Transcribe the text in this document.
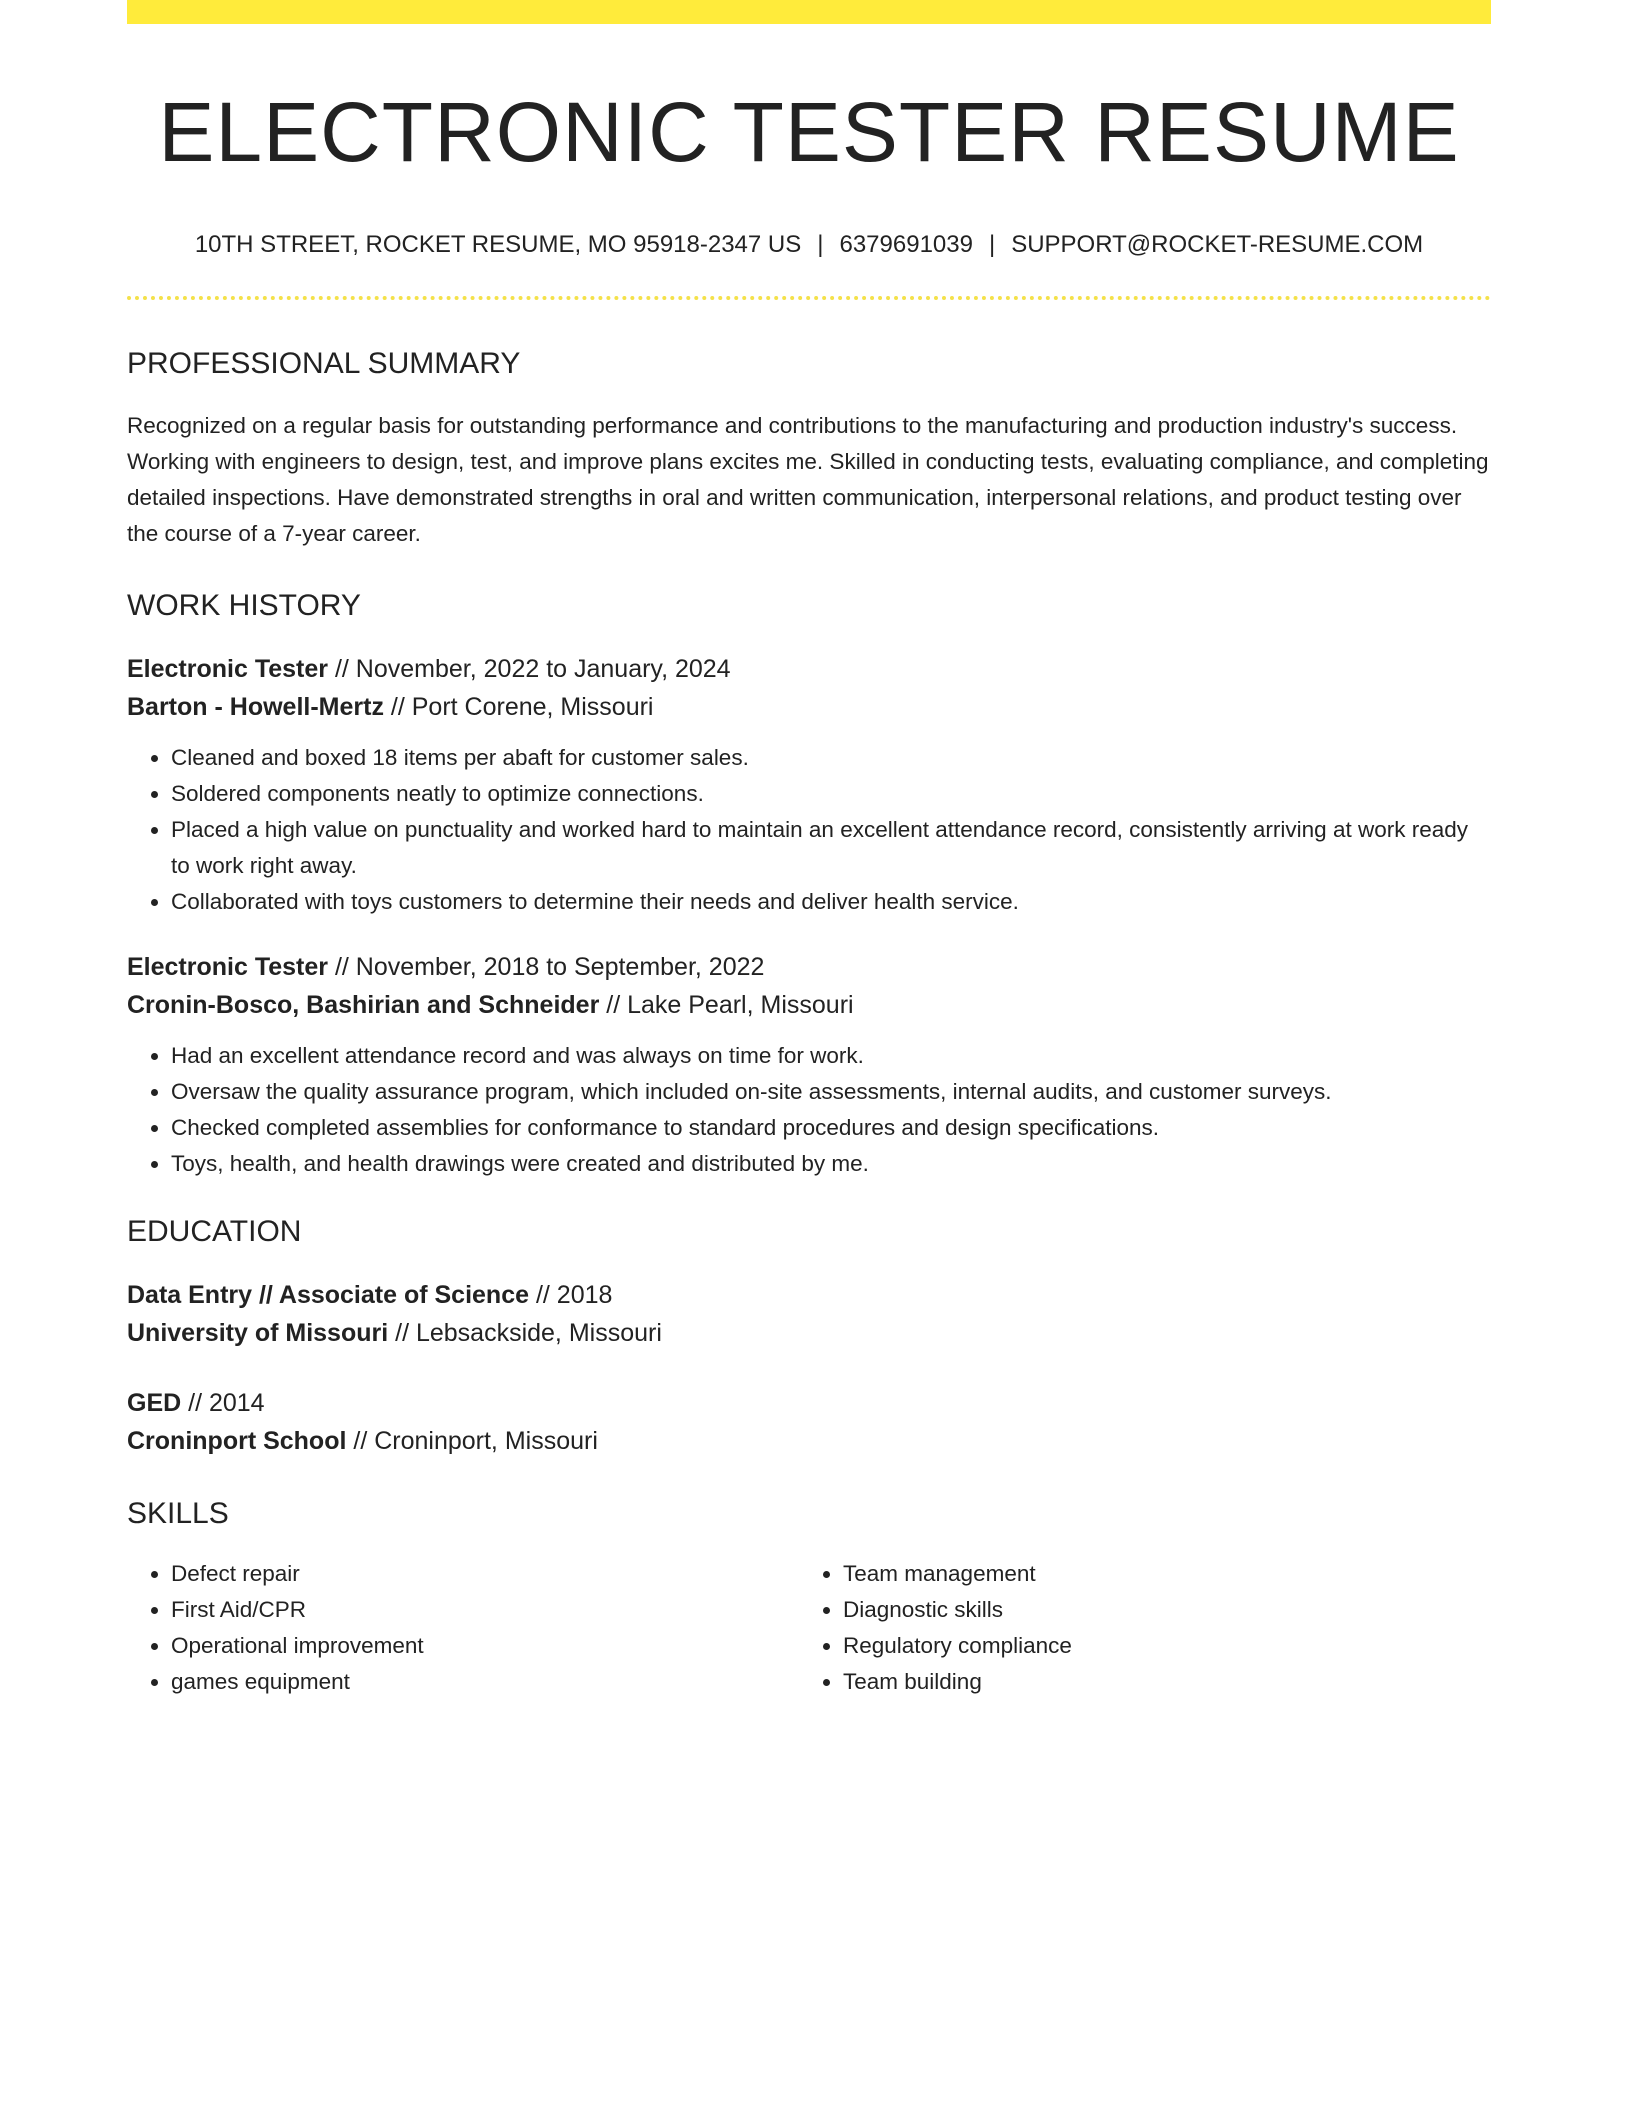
ELECTRONIC TESTER RESUME
10TH STREET, ROCKET RESUME, MO 95918-2347 US | 6379691039 | SUPPORT@ROCKET-RESUME.COM
PROFESSIONAL SUMMARY

Recognized on a regular basis for outstanding performance and contributions to the manufacturing and production industry's success. Working with engineers to design, test, and improve plans excites me. Skilled in conducting tests, evaluating compliance, and completing detailed inspections. Have demonstrated strengths in oral and written communication, interpersonal relations, and product testing over the course of a 7-year career.

WORK HISTORY

Electronic Tester // November, 2022 to January, 2024

Barton - Howell-Mertz // Port Corene, Missouri

• Cleaned and boxed 18 items per abaft for customer sales.
• Soldered components neatly to optimize connections.
• Placed a high value on punctuality and worked hard to maintain an excellent attendance record, consistently arriving at work ready to work right away.
• Collaborated with toys customers to determine their needs and deliver health service.

Electronic Tester // November, 2018 to September, 2022

Cronin-Bosco, Bashirian and Schneider // Lake Pearl, Missouri

• Had an excellent attendance record and was always on time for work.
• Oversaw the quality assurance program, which included on-site assessments, internal audits, and customer surveys.
• Checked completed assemblies for conformance to standard procedures and design specifications.
• Toys, health, and health drawings were created and distributed by me.
EDUCATION

Data Entry // Associate of Science // 2018

University of Missouri // Lebsackside, Missouri

GED // 2014

Croninport School // Croninport, Missouri

SKILLS
• Defect repair
• First Aid/CPR
• Operational improvement
• games equipment
• Team management
• Diagnostic skills
• Regulatory compliance
• Team building
